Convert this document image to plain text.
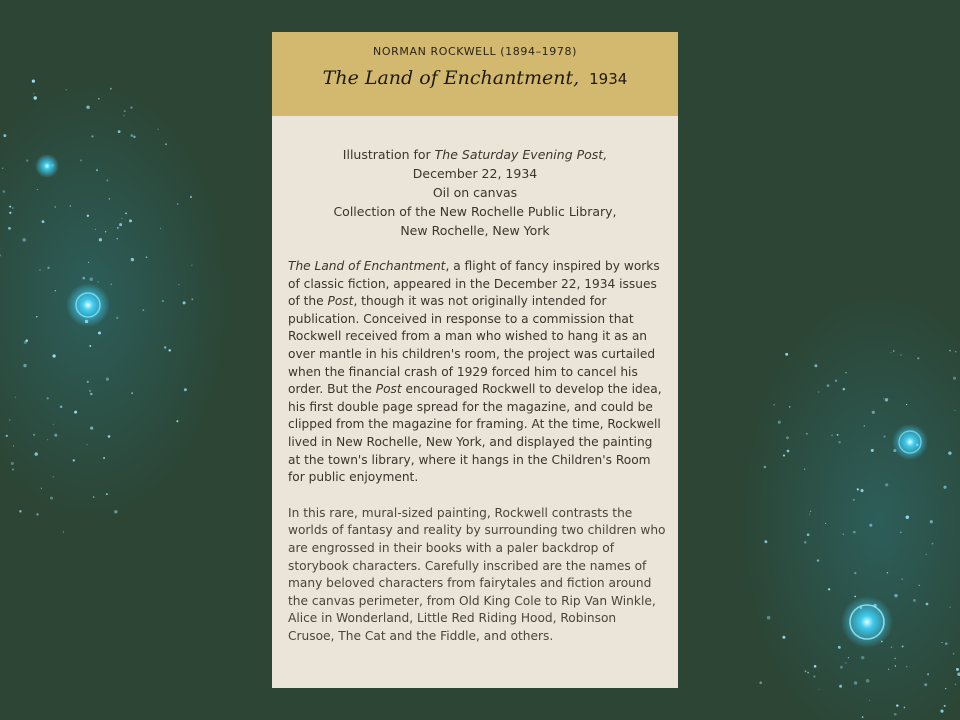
NORMAN ROCKWELL (1894–1978)
The Land of Enchantment, 1934
Illustration for The Saturday Evening Post,
December 22, 1934
Oil on canvas
Collection of the New Rochelle Public Library,
New Rochelle, New York
The Land of Enchantment, a flight of fancy inspired by works of classic fiction, appeared in the December 22, 1934 issues of the Post, though it was not originally intended for publication. Conceived in response to a commission that Rockwell received from a man who wished to hang it as an over mantle in his children's room, the project was curtailed when the financial crash of 1929 forced him to cancel his order. But the Post encouraged Rockwell to develop the idea, his first double page spread for the magazine, and could be clipped from the magazine for framing. At the time, Rockwell lived in New Rochelle, New York, and displayed the painting at the town's library, where it hangs in the Children's Room for public enjoyment.
In this rare, mural-sized painting, Rockwell contrasts the worlds of fantasy and reality by surrounding two children who are engrossed in their books with a paler backdrop of storybook characters. Carefully inscribed are the names of many beloved characters from fairytales and fiction around the canvas perimeter, from Old King Cole to Rip Van Winkle, Alice in Wonderland, Little Red Riding Hood, Robinson Crusoe, The Cat and the Fiddle, and others.
